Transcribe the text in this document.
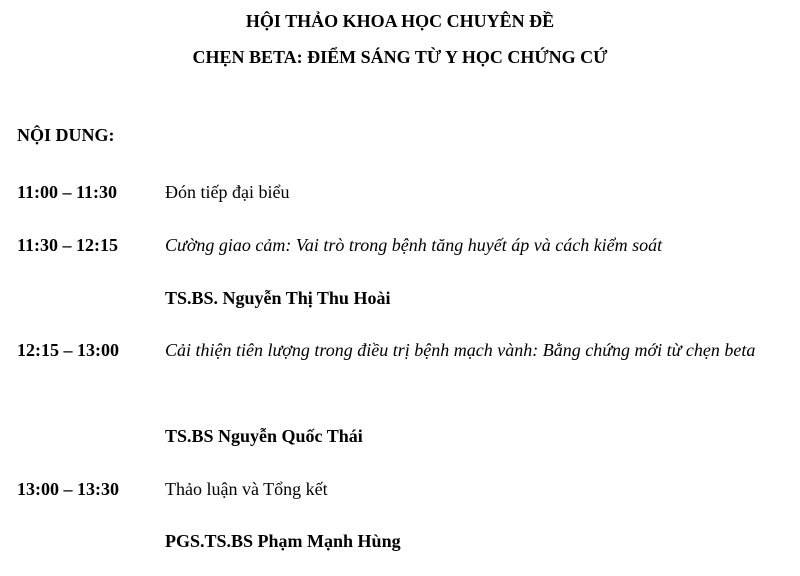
HỘI THẢO KHOA HỌC CHUYÊN ĐỀ
CHẸN BETA: ĐIỂM SÁNG TỪ Y HỌC CHỨNG CỨ
NỘI DUNG:
11:00 – 11:30	Đón tiếp đại biểu
11:30 – 12:15	Cường giao cảm: Vai trò trong bệnh tăng huyết áp và cách kiểm soát
TS.BS. Nguyễn Thị Thu Hoài
12:15 – 13:00	Cải thiện tiên lượng trong điều trị bệnh mạch vành: Bằng chứng mới từ chẹn beta
TS.BS Nguyễn Quốc Thái
13:00 – 13:30	Thảo luận và Tổng kết
PGS.TS.BS Phạm Mạnh Hùng
